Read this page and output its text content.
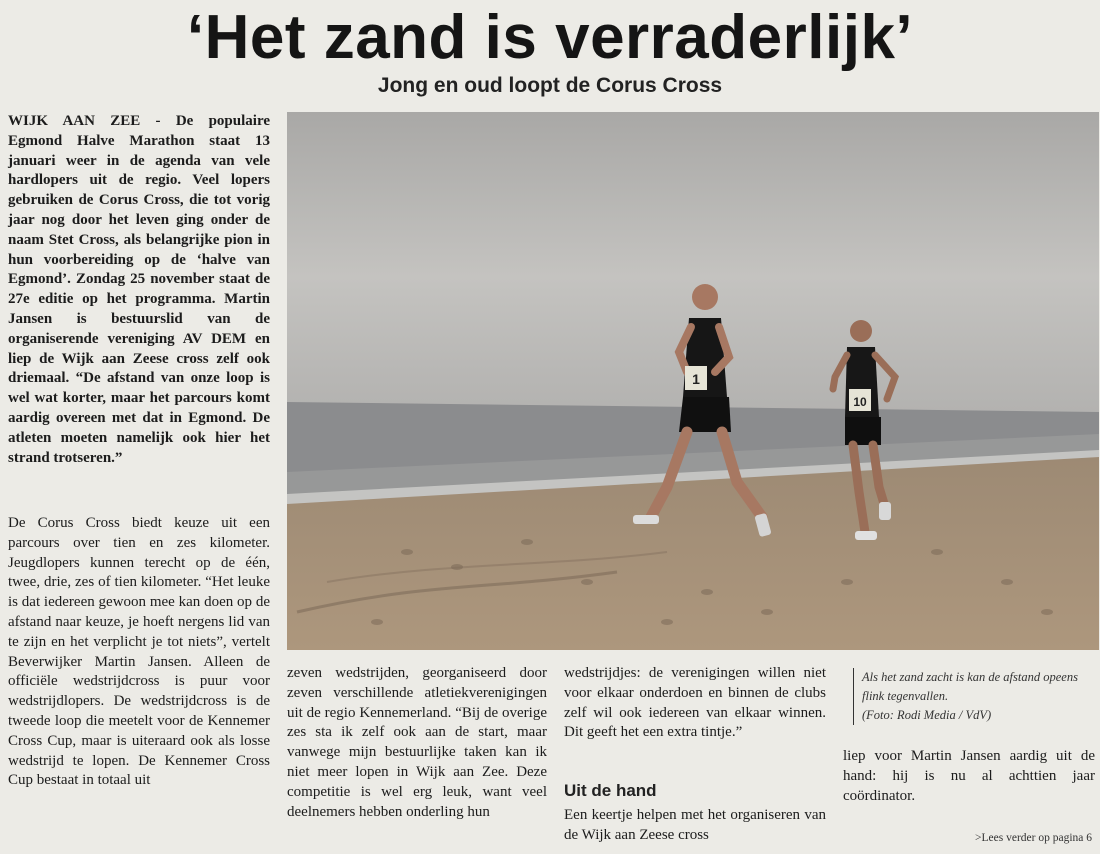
‘Het zand is verraderlijk’
Jong en oud loopt de Corus Cross

WIJK AAN ZEE - De populaire Egmond Halve Marathon staat 13 januari weer in de agenda van vele hardlopers uit de regio. Veel lopers gebruiken de Corus Cross, die tot vorig jaar nog door het leven ging onder de naam Stet Cross, als belangrijke pion in hun voorbereiding op de ‘halve van Egmond’. Zondag 25 november staat de 27e editie op het programma. Martin Jansen is bestuurslid van de organiserende vereniging AV DEM en liep de Wijk aan Zeese cross zelf ook driemaal. “De afstand van onze loop is wel wat korter, maar het parcours komt aardig overeen met dat in Egmond. De atleten moeten namelijk ook hier het strand trotseren.”

De Corus Cross biedt keuze uit een parcours over tien en zes kilometer. Jeugdlopers kunnen terecht op de één, twee, drie, zes of tien kilometer. “Het leuke is dat iedereen gewoon mee kan doen op de afstand naar keuze, je hoeft nergens lid van te zijn en het verplicht je tot niets”, vertelt Beverwijker Martin Jansen. Alleen de officiële wedstrijdcross is puur voor wedstrijdlopers. De wedstrijdcross is de tweede loop die meetelt voor de Kennemer Cross Cup, maar is uiteraard ook als losse wedstrijd te lopen. De Kennemer Cross Cup bestaat in totaal uit
1
10
zeven wedstrijden, georganiseerd door zeven verschillende atletiekverenigingen uit de regio Kennemerland. “Bij de overige zes sta ik zelf ook aan de start, maar vanwege mijn bestuurlijke taken kan ik niet meer lopen in Wijk aan Zee. Deze competitie is wel erg leuk, want veel deelnemers hebben onderling hun
wedstrijdjes: de verenigingen willen niet voor elkaar onderdoen en binnen de clubs zelf wil ook iedereen van elkaar winnen. Dit geeft het een extra tintje.”
Uit de hand
Een keertje helpen met het organiseren van de Wijk aan Zeese cross
Als het zand zacht is kan de afstand opeens flink tegenvallen.
(Foto: Rodi Media / VdV)
liep voor Martin Jansen aardig uit de hand: hij is nu al achttien jaar coördinator.
>Lees verder op pagina 6
